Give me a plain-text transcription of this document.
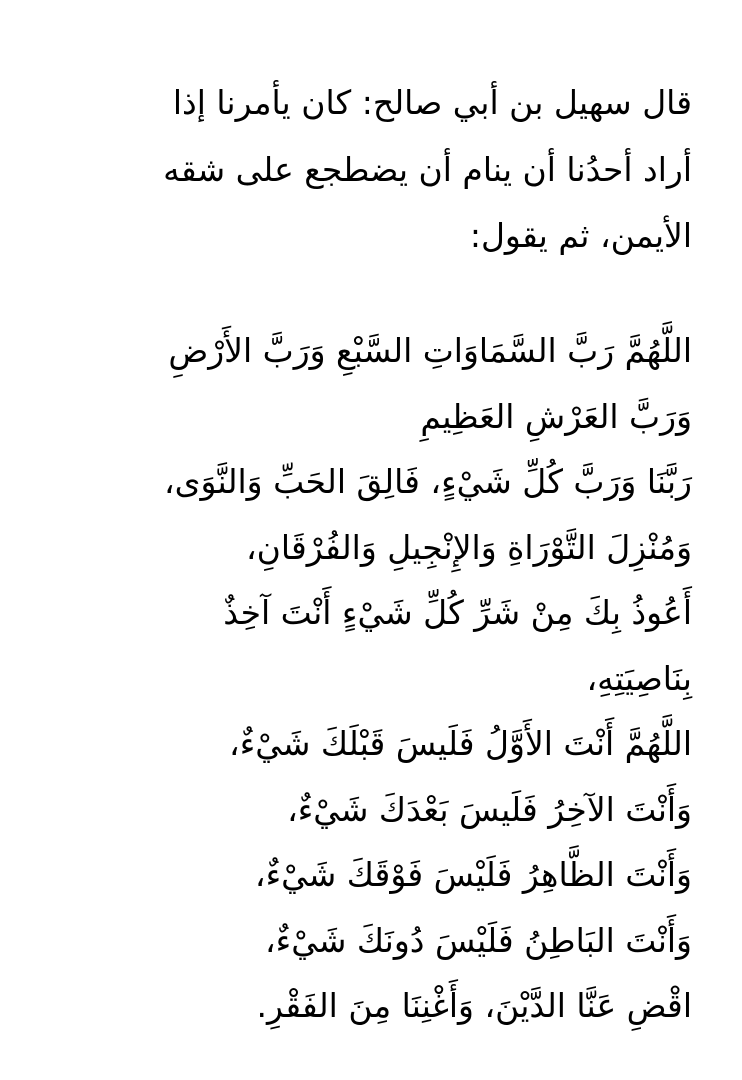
قال سهيل بن أبي صالح: كان يأمرنا إذا
أراد أحدُنا أن ينام أن يضطجع على شقه
الأيمن، ثم يقول:
اللَّهُمَّ رَبَّ السَّمَاوَاتِ السَّبْعِ وَرَبَّ الأَرْضِ
وَرَبَّ العَرْشِ العَظِيمِ
رَبَّنَا وَرَبَّ كُلِّ شَيْءٍ، فَالِقَ الحَبِّ وَالنَّوَى،
وَمُنْزِلَ التَّوْرَاةِ وَالإِنْجِيلِ وَالفُرْقَانِ،
أَعُوذُ بِكَ مِنْ شَرِّ كُلِّ شَيْءٍ أَنْتَ آخِذٌ
بِنَاصِيَتِهِ،
اللَّهُمَّ أَنْتَ الأَوَّلُ فَلَيسَ قَبْلَكَ شَيْءٌ،
وَأَنْتَ الآخِرُ فَلَيسَ بَعْدَكَ شَيْءٌ،
وَأَنْتَ الظَّاهِرُ فَلَيْسَ فَوْقَكَ شَيْءٌ،
وَأَنْتَ البَاطِنُ فَلَيْسَ دُونَكَ شَيْءٌ،
اقْضِ عَنَّا الدَّيْنَ، وَأَغْنِنَا مِنَ الفَقْرِ.
